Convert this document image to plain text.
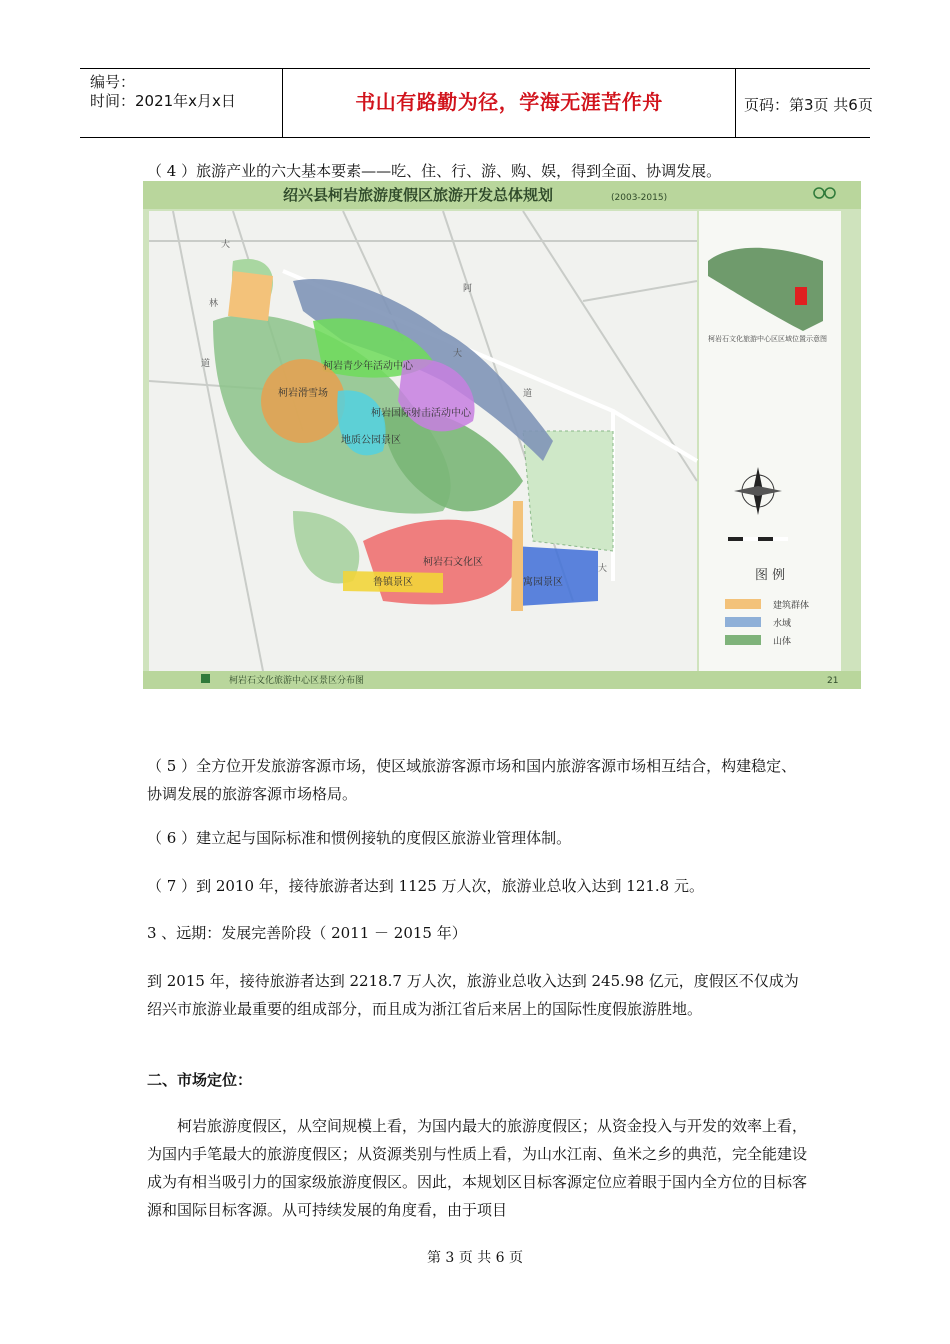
编号：
时间：2021年x月x日	书山有路勤为径，学海无涯苦作舟	页码：第3页 共6页
（ 4 ）旅游产业的六大基本要素——吃、住、行、游、购、娱，得到全面、协调发展。
绍兴县柯岩旅游度假区旅游开发总体规划	(2003-2015)
柯岩青少年活动中心
柯岩滑雪场
柯岩国际射击活动中心
地质公园景区
柯岩石文化区
鲁镇景区	寓园景区
大
道
林
大
道
阿
大
柯岩石文化旅游中心区区域位置示意图
图 例
建筑群体
水域
山体
柯岩石文化旅游中心区景区分布图	21
（ 5 ）全方位开发旅游客源市场，使区域旅游客源市场和国内旅游客源市场相互结合，构建稳定、协调发展的旅游客源市场格局。
（ 6 ）建立起与国际标准和惯例接轨的度假区旅游业管理体制。
（ 7 ）到 2010 年，接待旅游者达到 1125 万人次，旅游业总收入达到 121.8 元。
3 、远期：发展完善阶段（ 2011 － 2015 年）
到 2015 年，接待旅游者达到 2218.7 万人次，旅游业总收入达到 245.98 亿元，度假区不仅成为绍兴市旅游业最重要的组成部分，而且成为浙江省后来居上的国际性度假旅游胜地。
二、市场定位：
柯岩旅游度假区，从空间规模上看，为国内最大的旅游度假区；从资金投入与开发的效率上看，为国内手笔最大的旅游度假区；从资源类别与性质上看，为山水江南、鱼米之乡的典范，完全能建设成为有相当吸引力的国家级旅游度假区。因此，本规划区目标客源定位应着眼于国内全方位的目标客源和国际目标客源。从可持续发展的角度看，由于项目
第 3 页 共 6 页
